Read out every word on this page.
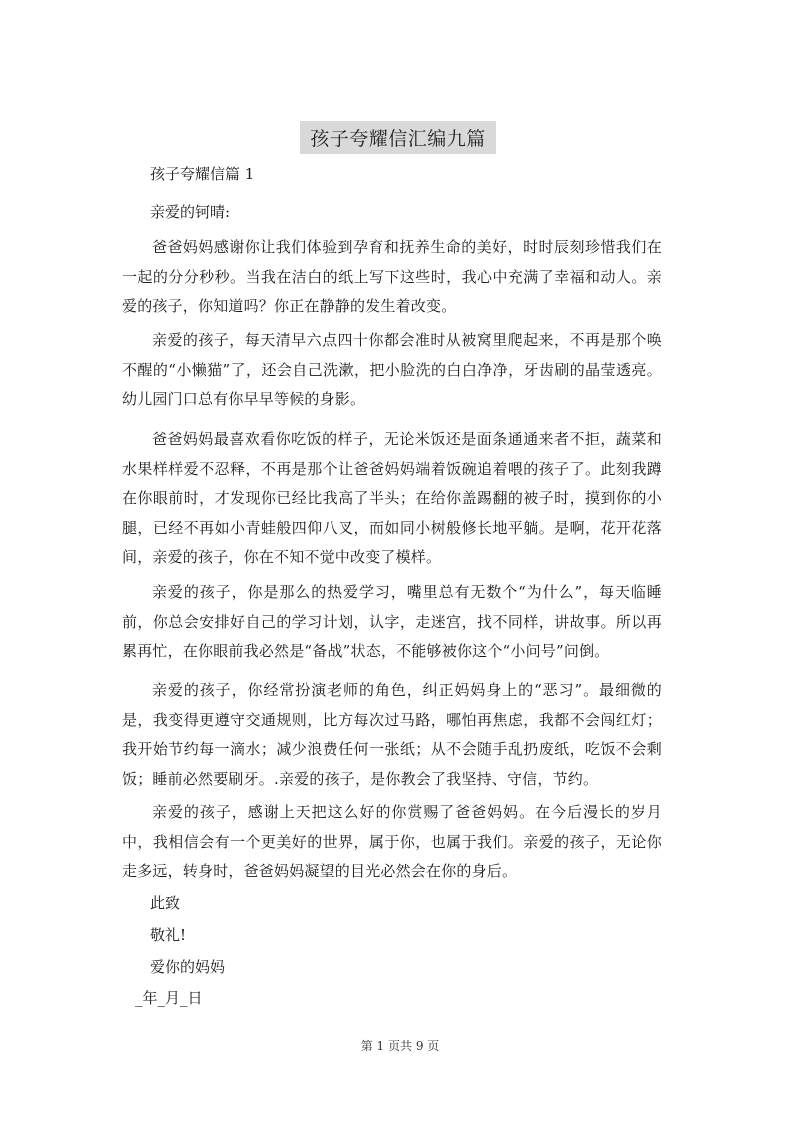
孩子夸耀信汇编九篇
孩子夸耀信篇 1
亲爱的钶晴:
爸爸妈妈感谢你让我们体验到孕育和抚养生命的美好，时时辰刻珍惜我们在一起的分分秒秒。当我在洁白的纸上写下这些时，我心中充满了幸福和动人。亲爱的孩子，你知道吗？你正在静静的发生着改变。
亲爱的孩子，每天清早六点四十你都会准时从被窝里爬起来，不再是那个唤不醒的“小懒猫”了，还会自己洗漱，把小脸洗的白白净净，牙齿刷的晶莹透亮。幼儿园门口总有你早早等候的身影。
爸爸妈妈最喜欢看你吃饭的样子，无论米饭还是面条通通来者不拒，蔬菜和水果样样爱不忍释，不再是那个让爸爸妈妈端着饭碗追着喂的孩子了。此刻我蹲在你眼前时，才发现你已经比我高了半头；在给你盖踢翻的被子时，摸到你的小腿，已经不再如小青蛙般四仰八叉，而如同小树般修长地平躺。是啊，花开花落间，亲爱的孩子，你在不知不觉中改变了模样。
亲爱的孩子，你是那么的热爱学习，嘴里总有无数个“为什么”，每天临睡前，你总会安排好自己的学习计划，认字，走迷宫，找不同样，讲故事。所以再累再忙，在你眼前我必然是“备战”状态，不能够被你这个“小问号”问倒。
亲爱的孩子，你经常扮演老师的角色，纠正妈妈身上的“恶习”。最细微的是，我变得更遵守交通规则，比方每次过马路，哪怕再焦虑，我都不会闯红灯；我开始节约每一滴水；减少浪费任何一张纸；从不会随手乱扔废纸，吃饭不会剩饭；睡前必然要刷牙。.亲爱的孩子，是你教会了我坚持、守信，节约。
亲爱的孩子，感谢上天把这么好的你赏赐了爸爸妈妈。在今后漫长的岁月中，我相信会有一个更美好的世界，属于你，也属于我们。亲爱的孩子，无论你走多远，转身时，爸爸妈妈凝望的目光必然会在你的身后。
此致
敬礼!
爱你的妈妈
_年_月_日
第 1 页共 9 页
